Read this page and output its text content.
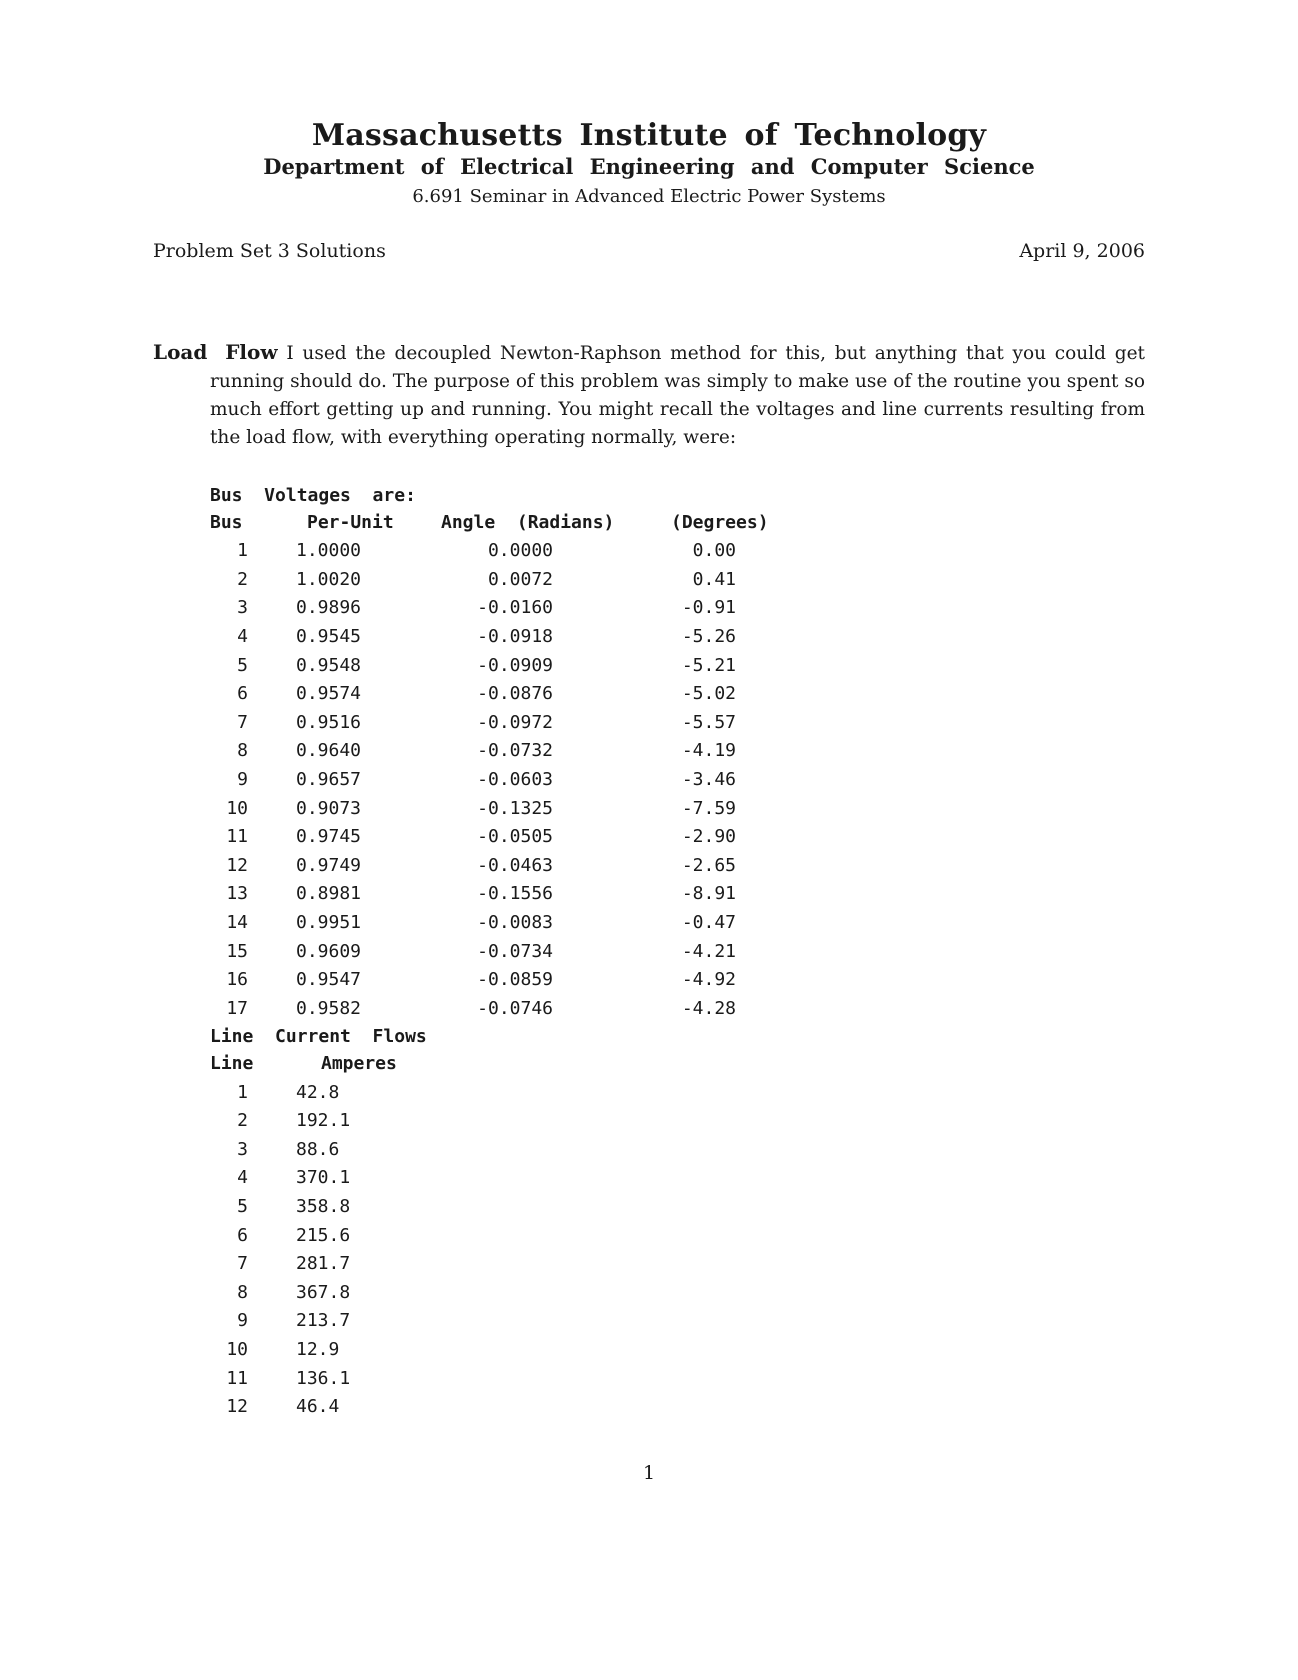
Massachusetts Institute of Technology
Department of Electrical Engineering and Computer Science
6.691 Seminar in Advanced Electric Power Systems
Problem Set 3 Solutions	April 9, 2006
Load Flow I used the decoupled Newton-Raphson method for this, but anything that you could get running should do. The purpose of this problem was simply to make use of the routine you spent so much effort getting up and running. You might recall the voltages and line currents resulting from the load flow, with everything operating normally, were:
Bus  Voltages  are:
Bus	Per-Unit	Angle  (Radians)	(Degrees)
1	1.0000	0.0000	0.00
2	1.0020	0.0072	0.41
3	0.9896	-0.0160	-0.91
4	0.9545	-0.0918	-5.26
5	0.9548	-0.0909	-5.21
6	0.9574	-0.0876	-5.02
7	0.9516	-0.0972	-5.57
8	0.9640	-0.0732	-4.19
9	0.9657	-0.0603	-3.46
10	0.9073	-0.1325	-7.59
11	0.9745	-0.0505	-2.90
12	0.9749	-0.0463	-2.65
13	0.8981	-0.1556	-8.91
14	0.9951	-0.0083	-0.47
15	0.9609	-0.0734	-4.21
16	0.9547	-0.0859	-4.92
17	0.9582	-0.0746	-4.28
Line  Current  Flows
Line	Amperes
1	42.8
2	192.1
3	88.6
4	370.1
5	358.8
6	215.6
7	281.7
8	367.8
9	213.7
10	12.9
11	136.1
12	46.4
1
